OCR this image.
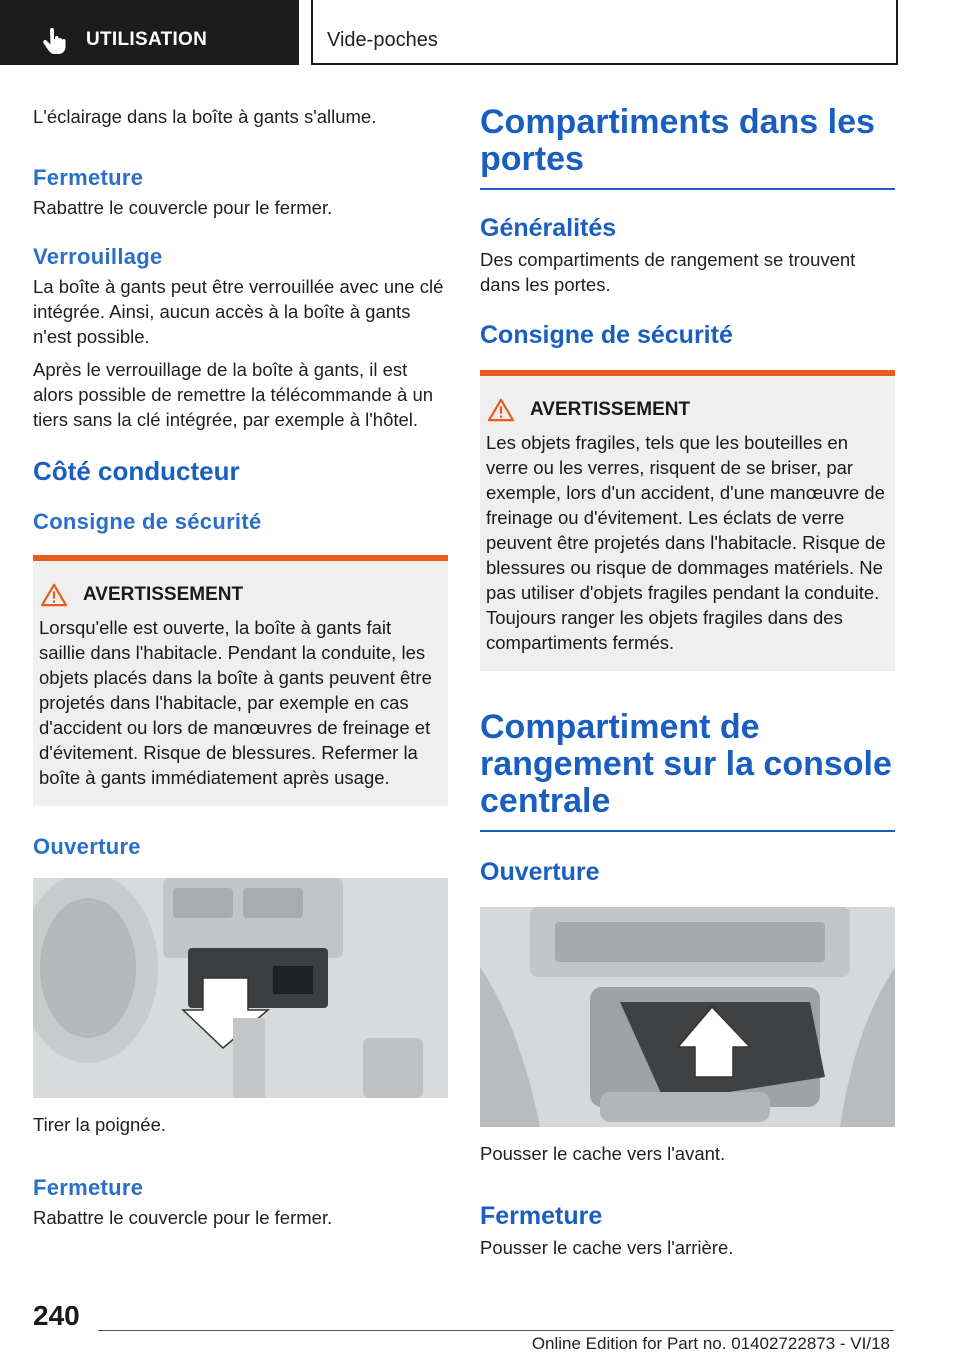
UTILISATION	Vide-poches

L'éclairage dans la boîte à gants s'allume.

Fermeture

Rabattre le couvercle pour le fermer.

Verrouillage

La boîte à gants peut être verrouillée avec une clé intégrée. Ainsi, aucun accès à la boîte à gants n'est possible.

Après le verrouillage de la boîte à gants, il est alors possible de remettre la télécommande à un tiers sans la clé intégrée, par exemple à l'hôtel.

Côté conducteur

Consigne de sécurité

AVERTISSEMENT

Lorsqu'elle est ouverte, la boîte à gants fait saillie dans l'habitacle. Pendant la conduite, les objets placés dans la boîte à gants peuvent être projetés dans l'habitacle, par exemple en cas d'accident ou lors de manœuvres de freinage et d'évitement. Risque de blessures. Refermer la boîte à gants immédiatement après usage.

Ouverture

Tirer la poignée.

Fermeture

Rabattre le couvercle pour le fermer.

Compartiments dans les portes

Généralités

Des compartiments de rangement se trouvent dans les portes.

Consigne de sécurité

AVERTISSEMENT

Les objets fragiles, tels que les bouteilles en verre ou les verres, risquent de se briser, par exemple, lors d'un accident, d'une manœuvre de freinage ou d'évitement. Les éclats de verre peuvent être projetés dans l'habitacle. Risque de blessures ou risque de dommages matériels. Ne pas utiliser d'objets fragiles pendant la conduite. Toujours ranger les objets fragiles dans des compartiments fermés.

Compartiment de rangement sur la console centrale

Ouverture

Pousser le cache vers l'avant.

Fermeture

Pousser le cache vers l'arrière.

240
Online Edition for Part no. 01402722873 - VI/18
